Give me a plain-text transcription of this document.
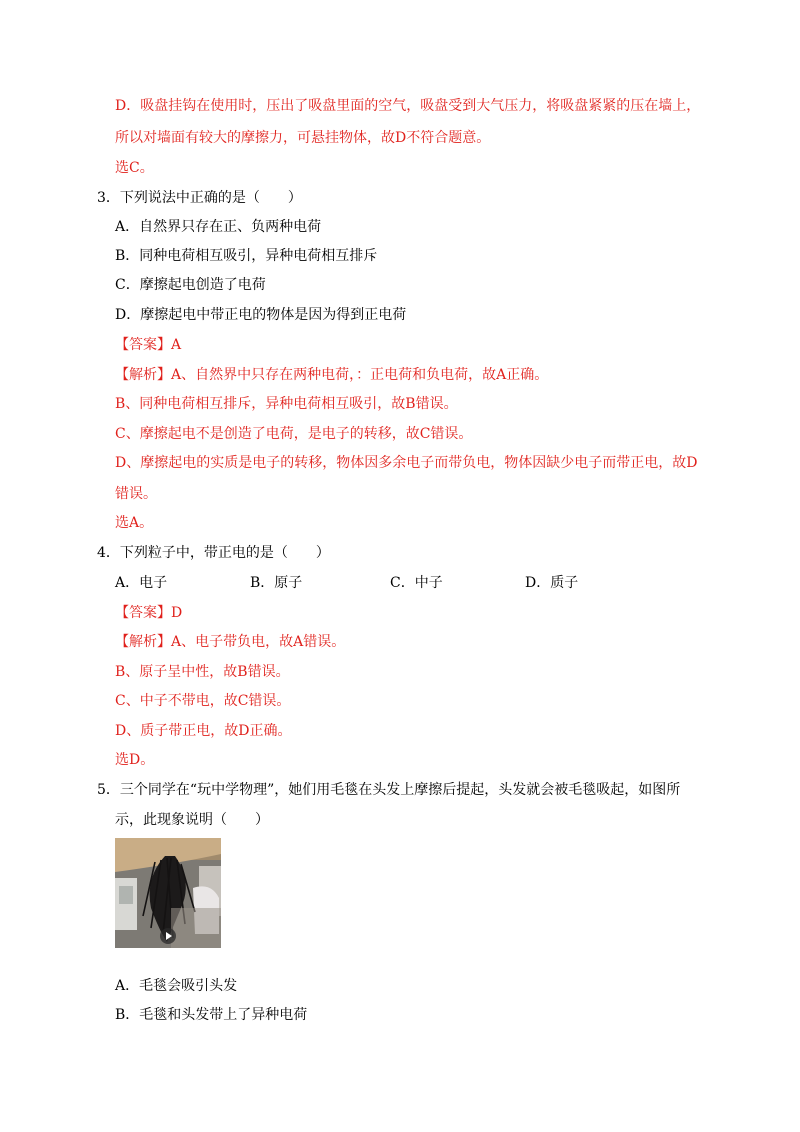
D．吸盘挂钩在使用时，压出了吸盘里面的空气，吸盘受到大气压力，将吸盘紧紧的压在墙上，
所以对墙面有较大的摩擦力，可悬挂物体，故D不符合题意。
选C。
3．下列说法中正确的是（　　）
A．自然界只存在正、负两种电荷
B．同种电荷相互吸引，异种电荷相互排斥
C．摩擦起电创造了电荷
D．摩擦起电中带正电的物体是因为得到正电荷
【答案】A
【解析】A、自然界中只存在两种电荷，：正电荷和负电荷，故A正确。
B、同种电荷相互排斥，异种电荷相互吸引，故B错误。
C、摩擦起电不是创造了电荷，是电子的转移，故C错误。
D、摩擦起电的实质是电子的转移，物体因多余电子而带负电，物体因缺少电子而带正电，故D
错误。
选A。
4．下列粒子中，带正电的是（　　）
A．电子	B．原子	C．中子	D．质子
【答案】D
【解析】A、电子带负电，故A错误。
B、原子呈中性，故B错误。
C、中子不带电，故C错误。
D、质子带正电，故D正确。
选D。
5．三个同学在“玩中学物理”，她们用毛毯在头发上摩擦后提起，头发就会被毛毯吸起，如图所
示，此现象说明（　　）
A．毛毯会吸引头发
B．毛毯和头发带上了异种电荷
